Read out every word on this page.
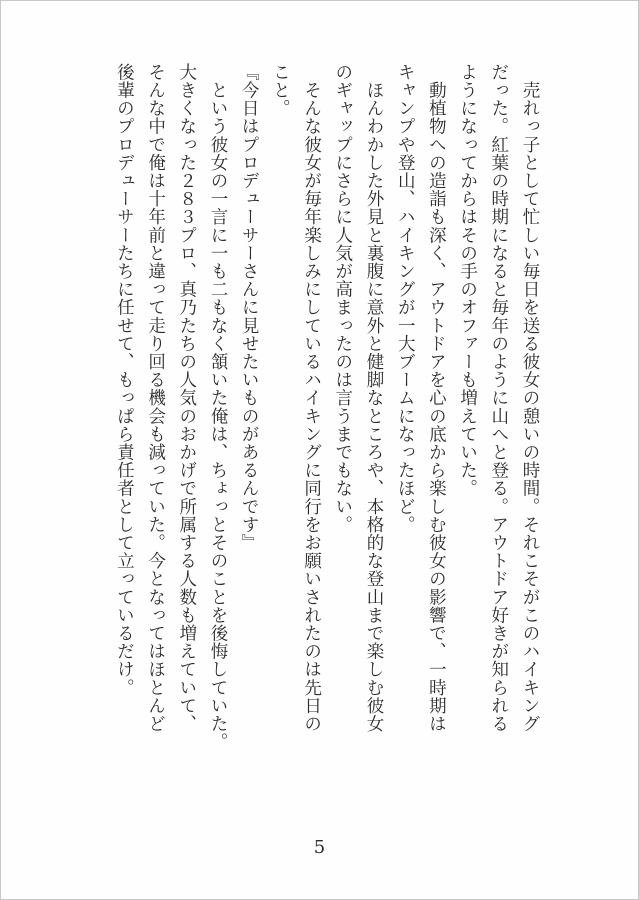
　売れっ子として忙しい毎日を送る彼女の憩いの時間。それこそがこのハイキング

だった。紅葉の時期になると毎年のように山へと登る。アウトドア好きが知られる

ようになってからはその手のオファーも増えていた。

　動植物への造詣も深く、アウトドアを心の底から楽しむ彼女の影響で、一時期は

キャンプや登山、ハイキングが一大ブームになったほど。

　ほんわかした外見と裏腹に意外と健脚なところや、本格的な登山まで楽しむ彼女

のギャップにさらに人気が高まったのは言うまでもない。

　そんな彼女が毎年楽しみにしているハイキングに同行をお願いされたのは先日の

こと。

『今日はプロデューサーさんに見せたいものがあるんです』

　という彼女の一言に一も二もなく頷いた俺は、ちょっとそのことを後悔していた。

大きくなった２８３プロ、真乃たちの人気のおかげで所属する人数も増えていて、

そんな中で俺は十年前と違って走り回る機会も減っていた。今となってはほとんど

後輩のプロデューサーたちに任せて、もっぱら責任者として立っているだけ。

5
